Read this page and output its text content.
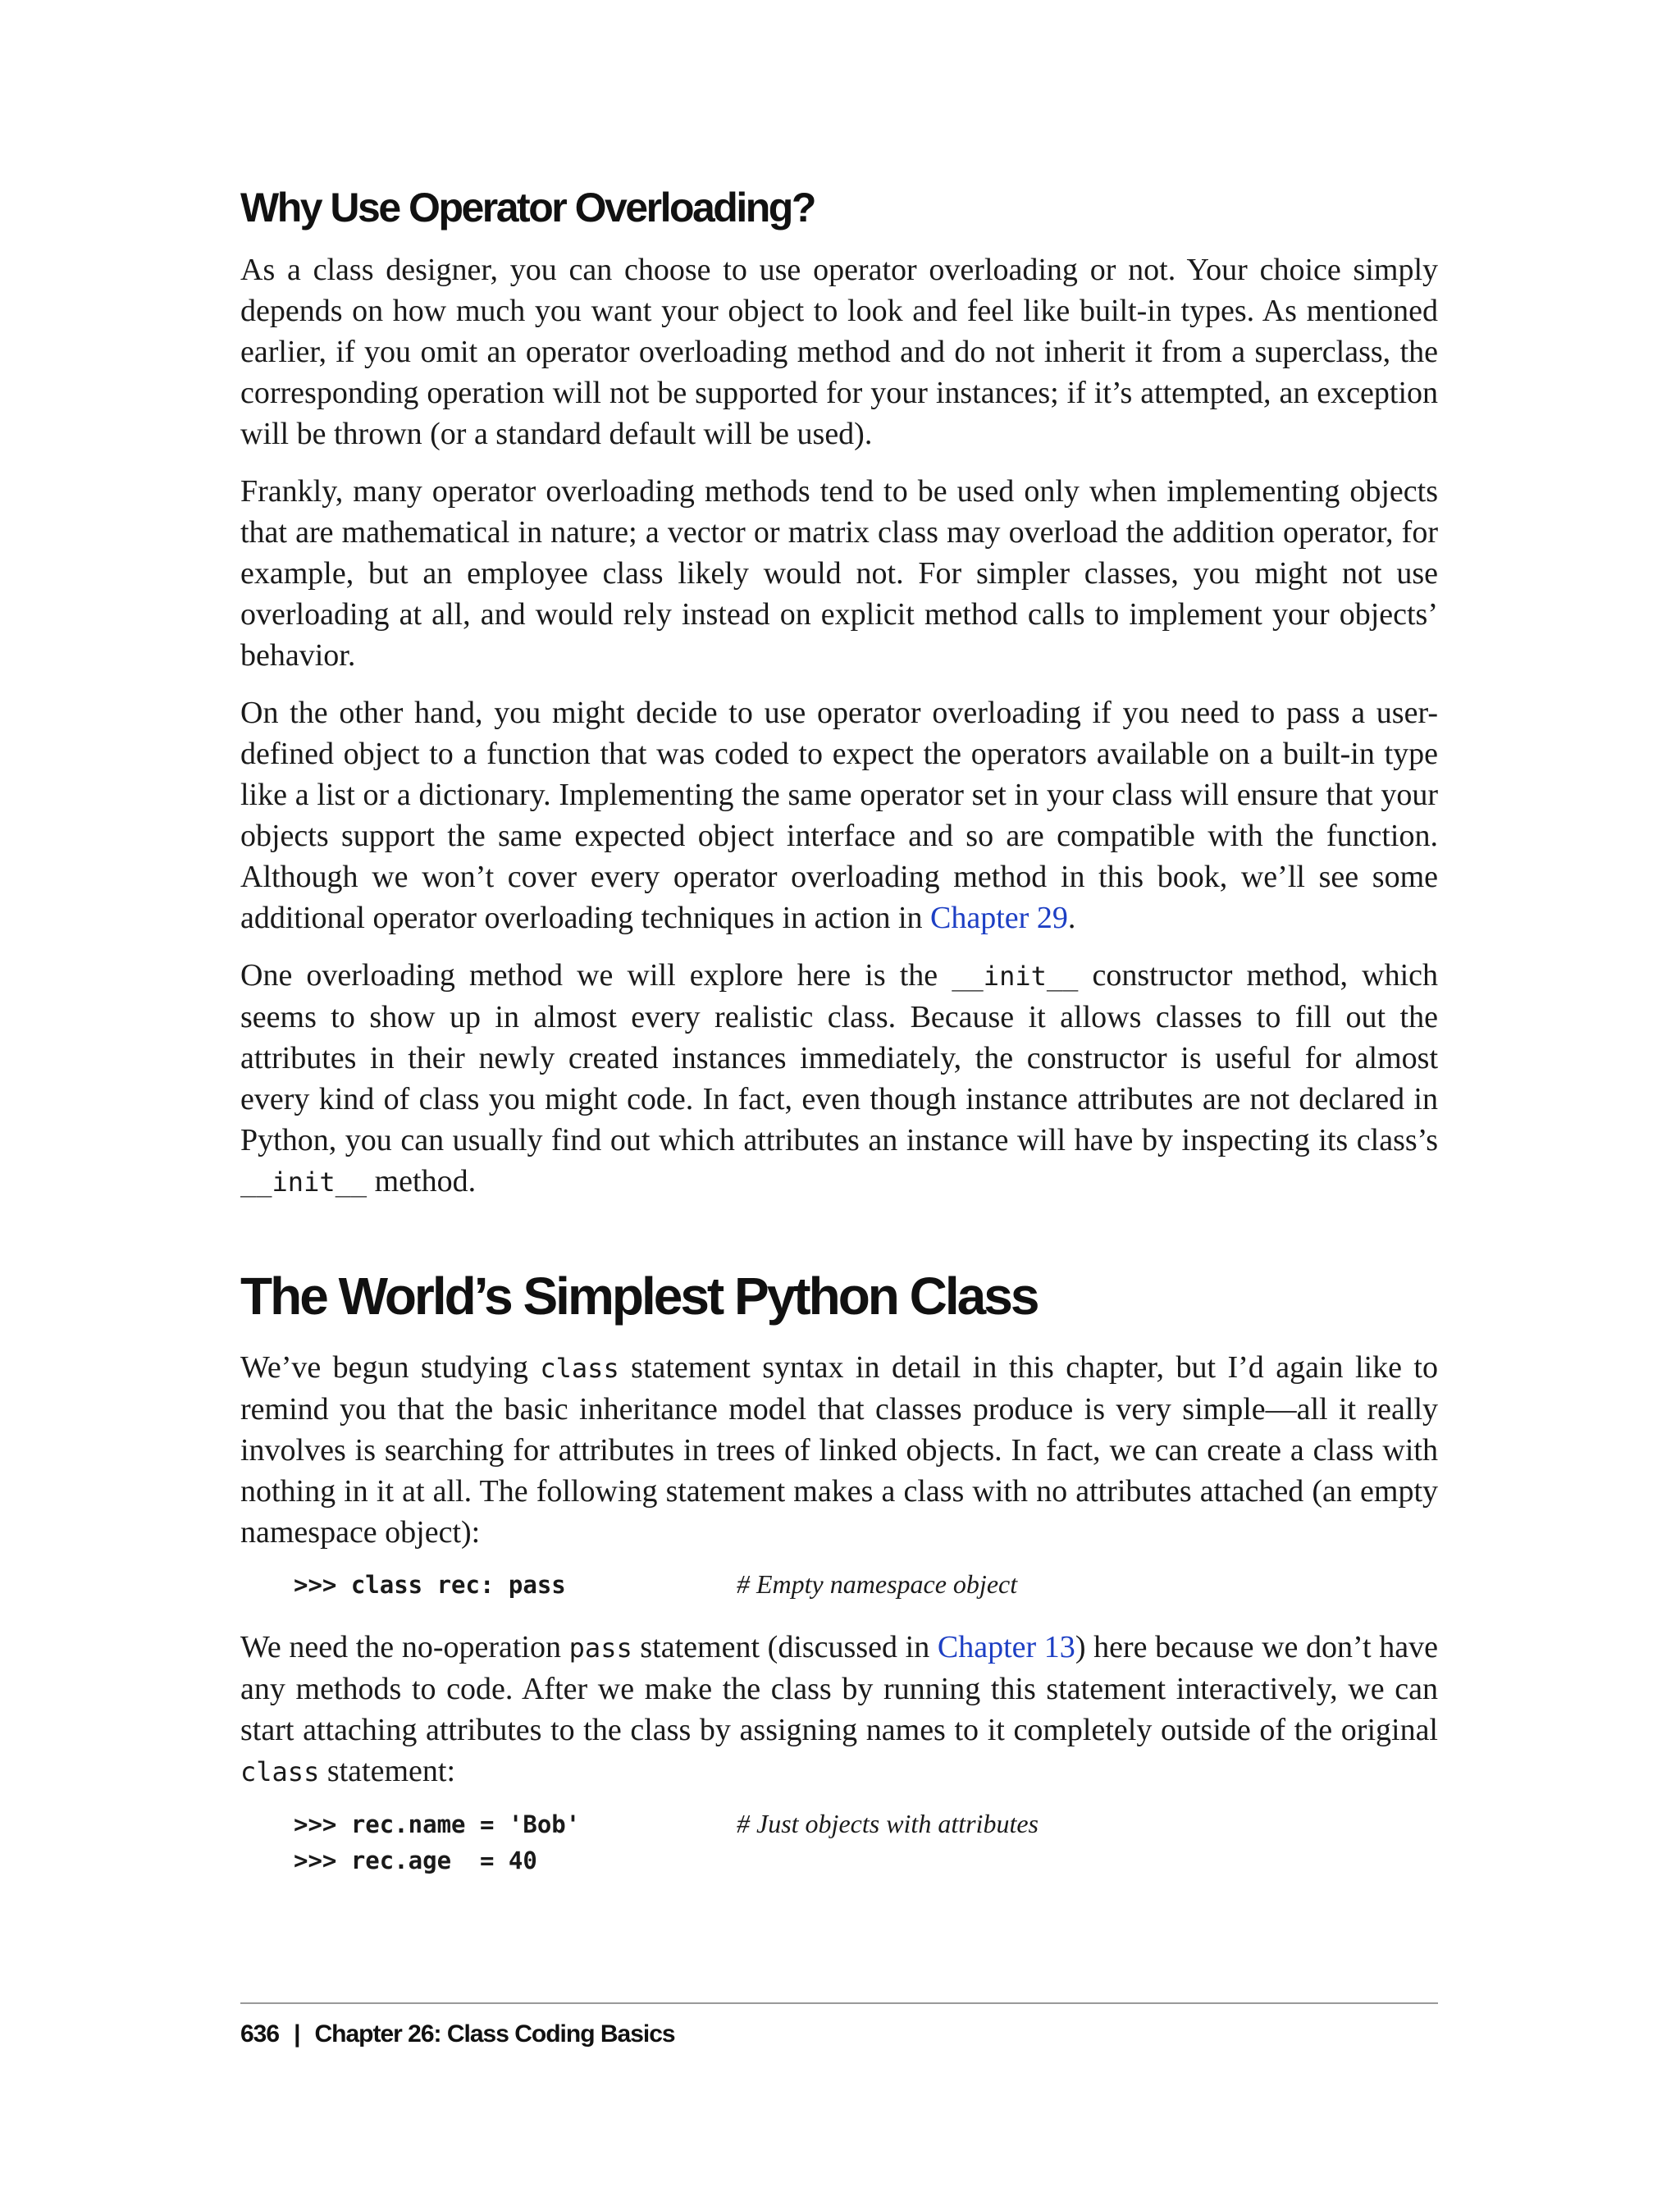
Why Use Operator Overloading?

As a class designer, you can choose to use operator overloading or not. Your choice simply depends on how much you want your object to look and feel like built-in types. As mentioned earlier, if you omit an operator overloading method and do not inherit it from a superclass, the corresponding operation will not be supported for your instances; if it’s attempted, an exception will be thrown (or a standard default will be used).

Frankly, many operator overloading methods tend to be used only when implementing objects that are mathematical in nature; a vector or matrix class may overload the addition operator, for example, but an employee class likely would not. For simpler classes, you might not use overloading at all, and would rely instead on explicit method calls to implement your objects’ behavior.

On the other hand, you might decide to use operator overloading if you need to pass a user-defined object to a function that was coded to expect the operators available on a built-in type like a list or a dictionary. Implementing the same operator set in your class will ensure that your objects support the same expected object interface and so are compatible with the function. Although we won’t cover every operator overloading method in this book, we’ll see some additional operator overloading techniques in action in Chapter 29.

One overloading method we will explore here is the __init__ constructor method, which seems to show up in almost every realistic class. Because it allows classes to fill out the attributes in their newly created instances immediately, the constructor is useful for almost every kind of class you might code. In fact, even though instance attributes are not declared in Python, you can usually find out which attributes an instance will have by inspecting its class’s __init__ method.

The World’s Simplest Python Class

We’ve begun studying class statement syntax in detail in this chapter, but I’d again like to remind you that the basic inheritance model that classes produce is very simple—all it really involves is searching for attributes in trees of linked objects. In fact, we can create a class with nothing in it at all. The following statement makes a class with no attributes attached (an empty namespace object):

>>> class rec: pass	# Empty namespace object

We need the no-operation pass statement (discussed in Chapter 13) here because we don’t have any methods to code. After we make the class by running this statement interactively, we can start attaching attributes to the class by assigning names to it completely outside of the original class statement:

>>> rec.name = 'Bob'	# Just objects with attributes
>>> rec.age  = 40
636 | Chapter 26: Class Coding Basics
